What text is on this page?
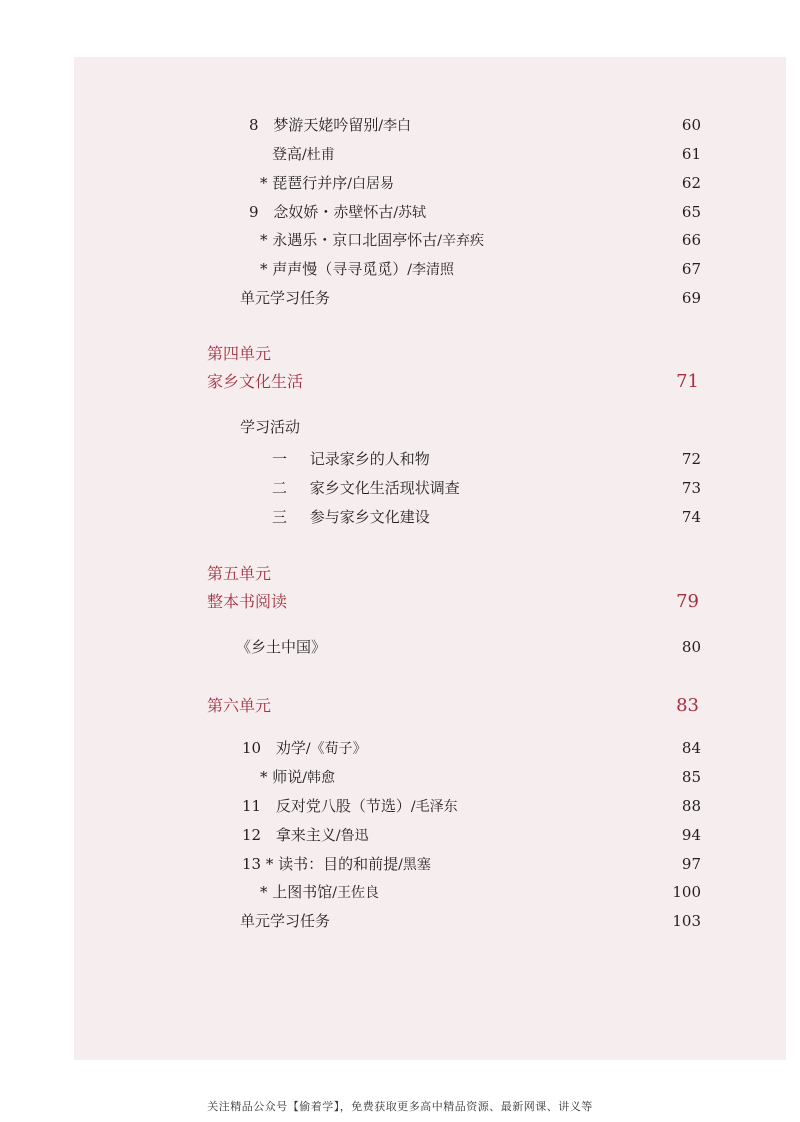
8 梦游天姥吟留别/李白	60
登高/杜甫	61
* 琵琶行并序/白居易	62
9 念奴娇・赤壁怀古/苏轼	65
* 永遇乐・京口北固亭怀古/辛弃疾	66
* 声声慢（寻寻觅觅）/李清照	67
单元学习任务	69
第四单元
家乡文化生活	71
学习活动
一 记录家乡的人和物	72
二 家乡文化生活现状调查	73
三 参与家乡文化建设	74
第五单元
整本书阅读	79
《乡土中国》	80
第六单元	83
10 劝学/《荀子》	84
* 师说/韩愈	85
11 反对党八股（节选）/毛泽东	88
12 拿来主义/鲁迅	94
13 * 读书：目的和前提/黑塞	97
* 上图书馆/王佐良	100
单元学习任务	103
关注精品公众号【偷着学】，免费获取更多高中精品资源、最新网课、讲义等
